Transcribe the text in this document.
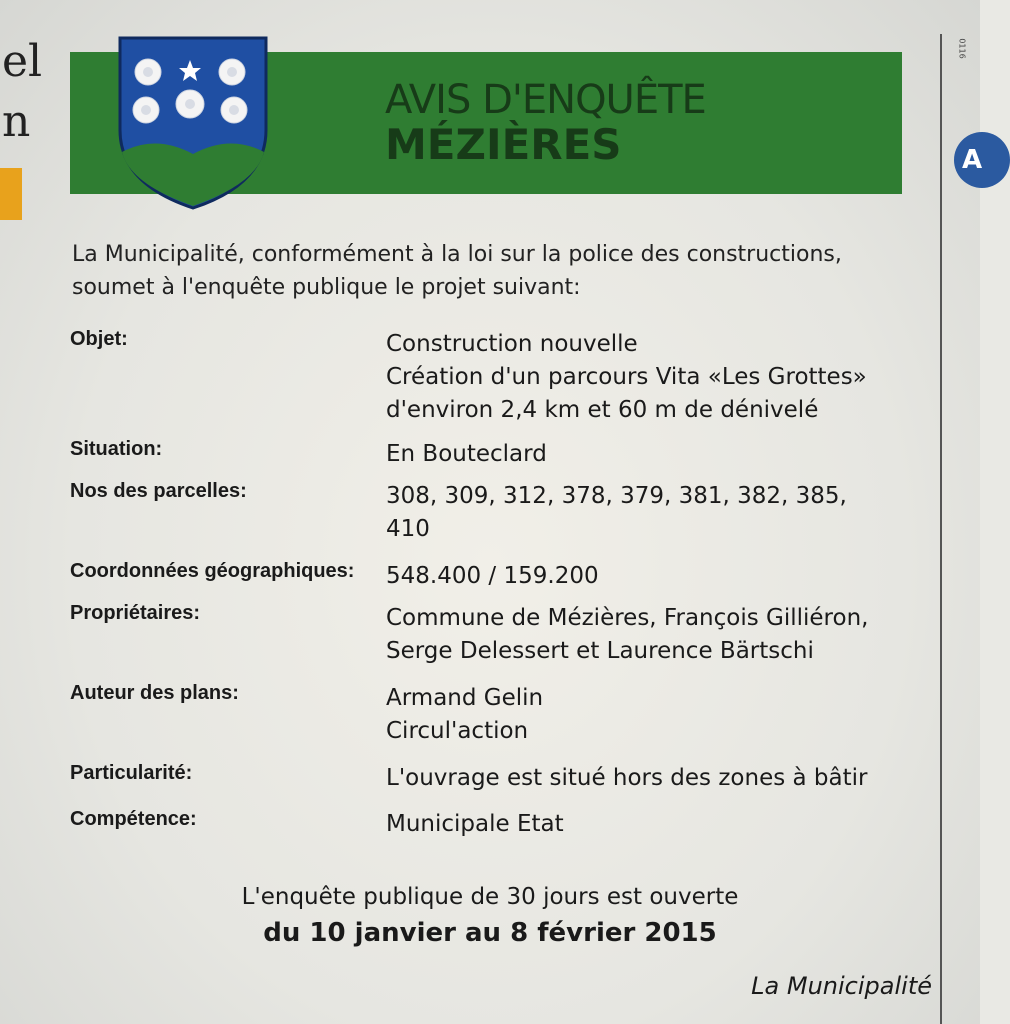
el
n
0116
A
AVIS D'ENQUÊTE
MÉZIÈRES
La Municipalité, conformément à la loi sur la police des constructions, soumet à l'enquête publique le projet suivant:
Objet:	Construction nouvelle
Création d'un parcours Vita «Les Grottes»
d'environ 2,4 km et 60 m de dénivelé
Situation:	En Bouteclard
Nos des parcelles:	308, 309, 312, 378, 379, 381, 382, 385,
410
Coordonnées géographiques: 548.400 / 159.200
Propriétaires:	Commune de Mézières, François Gilliéron,
Serge Delessert et Laurence Bärtschi
Auteur des plans:	Armand Gelin
Circul'action
Particularité:	L'ouvrage est situé hors des zones à bâtir
Compétence:	Municipale Etat
L'enquête publique de 30 jours est ouverte
du 10 janvier au 8 février 2015
La Municipalité
